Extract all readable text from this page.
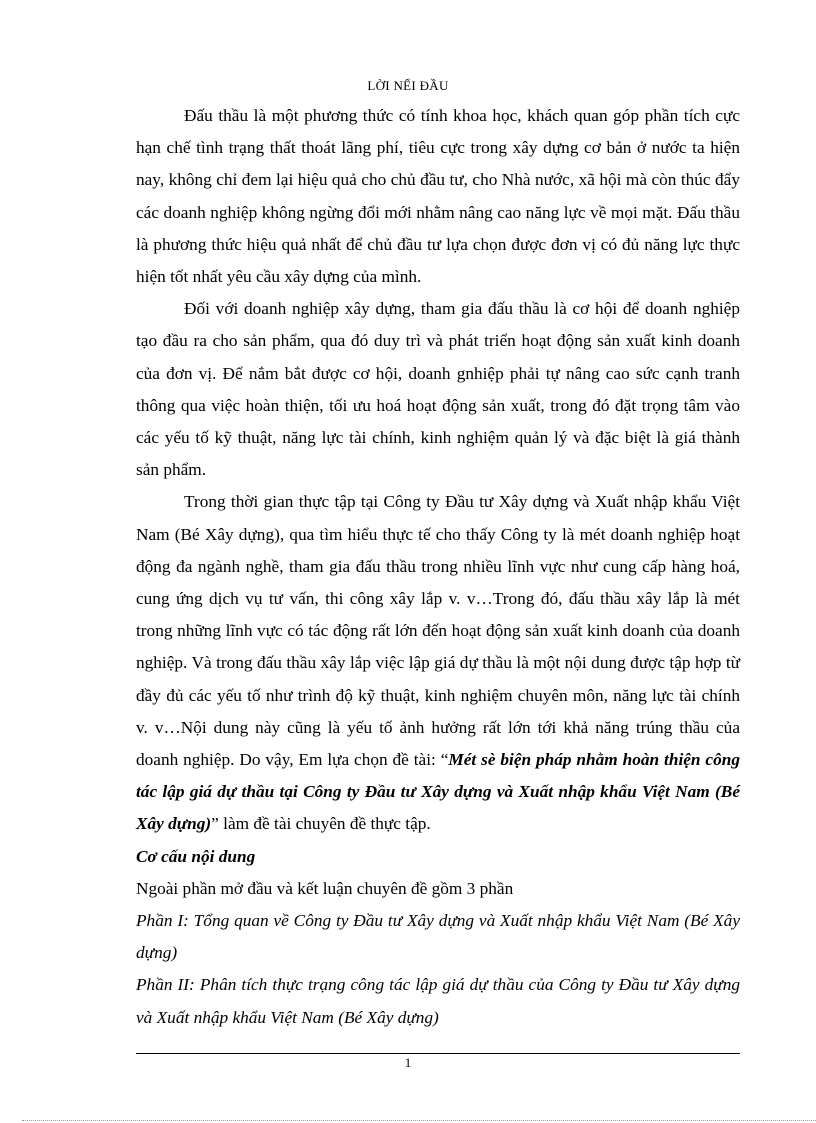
LỜI NỂI ĐẦU

Đấu thầu là một phương thức có tính khoa học, khách quan góp phần tích cực hạn chế tình trạng thất thoát lãng phí, tiêu cực trong xây dựng cơ bản ở nước ta hiện nay, không chỉ đem lại hiệu quả cho chủ đầu tư, cho Nhà nước, xã hội mà còn thúc đẩy các doanh nghiệp không ngừng đổi mới nhằm nâng cao năng lực về mọi mặt. Đấu thầu là phương thức hiệu quả nhất để chủ đầu tư lựa chọn được đơn vị có đủ năng lực thực hiện tốt nhất yêu cầu xây dựng của mình.

Đối với doanh nghiệp xây dựng, tham gia đấu thầu là cơ hội để doanh nghiệp tạo đầu ra cho sản phẩm, qua đó duy trì và phát triển hoạt động sản xuất kinh doanh của đơn vị. Để nắm bắt được cơ hội, doanh gnhiệp phải tự nâng cao sức cạnh tranh thông qua việc hoàn thiện, tối ưu hoá hoạt động sản xuất, trong đó đặt trọng tâm vào các yếu tố kỹ thuật, năng lực tài chính, kinh nghiệm quản lý và đặc biệt là giá thành sản phẩm.

Trong thời gian thực tập tại Công ty Đầu tư Xây dựng và Xuất nhập khẩu Việt Nam (Bé Xây dựng), qua tìm hiểu thực tế cho thấy Công ty là mét doanh nghiệp hoạt động đa ngành nghề, tham gia đấu thầu trong nhiều lĩnh vực như cung cấp hàng hoá, cung ứng dịch vụ tư vấn, thi công xây lắp v. v…Trong đó, đấu thầu xây lắp là mét trong những lĩnh vực có tác động rất lớn đến hoạt động sản xuất kinh doanh của doanh nghiệp. Và trong đấu thầu xây lắp việc lập giá dự thầu là một nội dung được tập hợp từ đầy đủ các yếu tố như trình độ kỹ thuật, kinh nghiệm chuyên môn, năng lực tài chính v. v…Nội dung này cũng là yếu tố ảnh hưởng rất lớn tới khả năng trúng thầu của doanh nghiệp. Do vậy, Em lựa chọn đề tài: “Mét sè biện pháp nhằm hoàn thiện công tác lập giá dự thầu tại Công ty Đầu tư Xây dựng và Xuất nhập khẩu Việt Nam (Bé Xây dựng)” làm đề tài chuyên đề thực tập.

Cơ cấu nội dung

Ngoài phần mở đầu và kết luận chuyên đề gồm 3 phần

Phần I: Tổng quan về Công ty Đầu tư Xây dựng và Xuất nhập khẩu Việt Nam (Bé Xây dựng)

Phần II: Phân tích thực trạng công tác lập giá dự thầu của Công ty Đầu tư Xây dựng và Xuất nhập khẩu Việt Nam (Bé Xây dựng)

1
